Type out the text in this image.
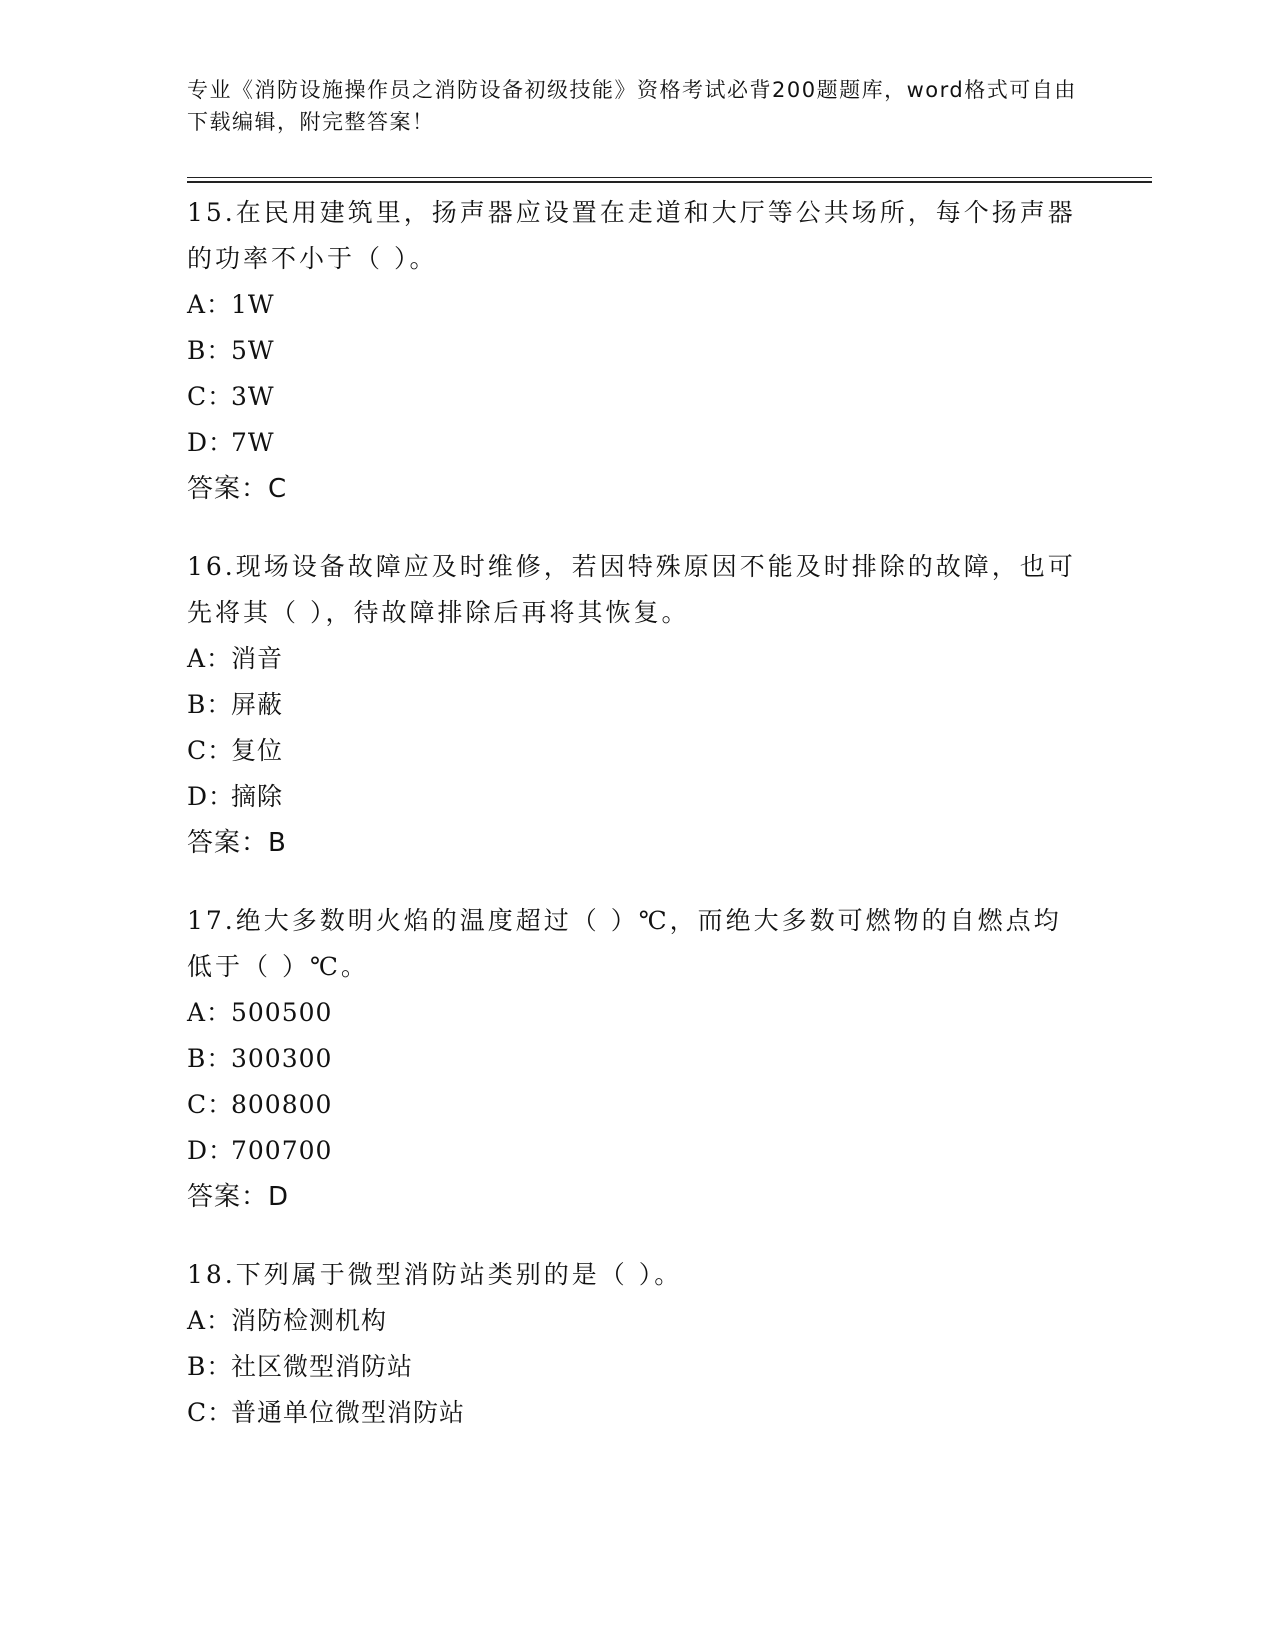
专业《消防设施操作员之消防设备初级技能》资格考试必背200题题库，word格式可自由下载编辑，附完整答案！

15.在民用建筑里，扬声器应设置在走道和大厅等公共场所，每个扬声器的功率不小于（ ）。

A：1W

B：5W

C：3W

D：7W

答案：C

16.现场设备故障应及时维修，若因特殊原因不能及时排除的故障，也可先将其（ ），待故障排除后再将其恢复。

A：消音

B：屏蔽

C：复位

D：摘除

答案：B

17.绝大多数明火焰的温度超过（ ）℃，而绝大多数可燃物的自燃点均低于（ ）℃。

A：500500

B：300300

C：800800

D：700700

答案：D

18.下列属于微型消防站类别的是（ ）。

A：消防检测机构

B：社区微型消防站

C：普通单位微型消防站
